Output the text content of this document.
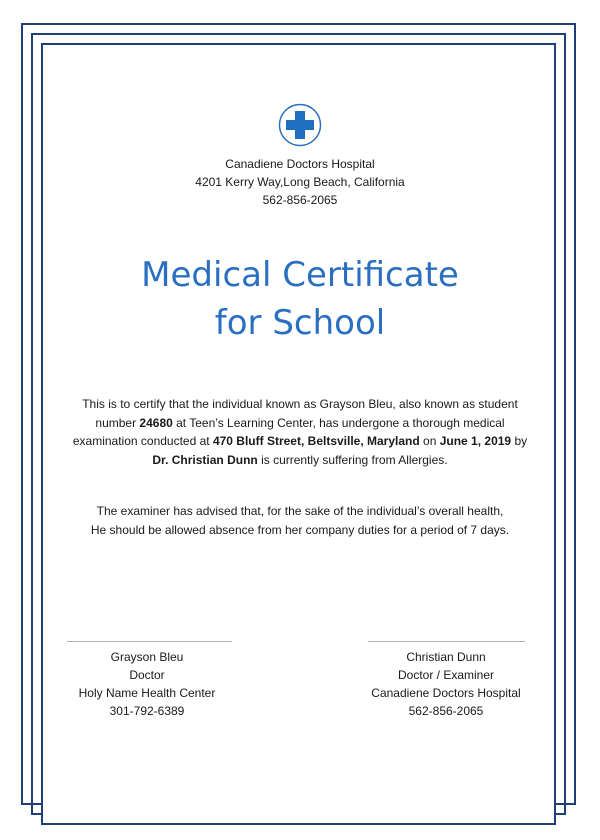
Canadiene Doctors Hospital
4201 Kerry Way,Long Beach, California
562-856-2065
Medical Certificate
for School
This is to certify that the individual known as Grayson Bleu, also known as student
number 24680 at Teen’s Learning Center, has undergone a thorough medical
examination conducted at 470 Bluff Street, Beltsville, Maryland on June 1, 2019 by
Dr. Christian Dunn is currently suffering from Allergies.
The examiner has advised that, for the sake of the individual’s overall health,
He should be allowed absence from her company duties for a period of 7 days.
Grayson Bleu
Doctor
Holy Name Health Center
301-792-6389
Christian Dunn
Doctor / Examiner
Canadiene Doctors Hospital
562-856-2065
